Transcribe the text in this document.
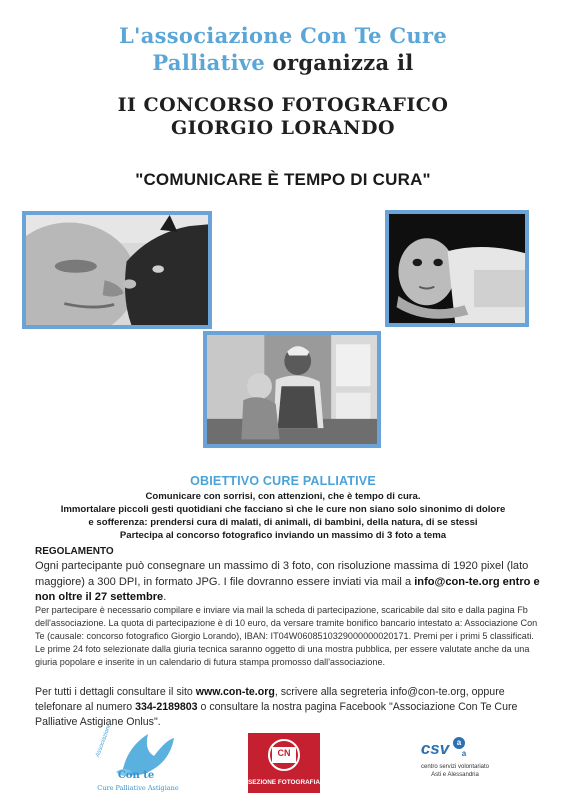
L'associazione Con Te Cure
Palliative organizza il
II CONCORSO FOTOGRAFICO
GIORGIO LORANDO
"COMUNICARE È TEMPO DI CURA"
OBIETTIVO CURE PALLIATIVE
Comunicare con sorrisi, con attenzioni, che è tempo di cura.
Immortalare piccoli gesti quotidiani che facciano sì che le cure non siano solo sinonimo di dolore
e sofferenza: prendersi cura di malati, di animali, di bambini, della natura, di se stessi
Partecipa al concorso fotografico inviando un massimo di 3 foto a tema
REGOLAMENTO
Ogni partecipante può consegnare un massimo di 3 foto, con risoluzione massima di 1920 pixel (lato maggiore) a 300 DPI, in formato JPG. I file dovranno essere inviati via mail a info@con-te.org entro e non oltre il 27 settembre.
Per partecipare è necessario compilare e inviare via mail la scheda di partecipazione, scaricabile dal sito e dalla pagina Fb dell'associazione. La quota di partecipazione è di 10 euro, da versare tramite bonifico bancario intestato a: Associazione Con Te (causale: concorso fotografico Giorgio Lorando), IBAN: IT04W0608510329000000020171. Premi per i primi 5 classificati. Le prime 24 foto selezionate dalla giuria tecnica saranno oggetto di una mostra pubblica, per essere valutate anche da una giuria popolare e inserite in un calendario di futura stampa promosso dall'associazione.
Per tutti i dettagli consultare il sito www.con-te.org, scrivere alla segreteria info@con-te.org, oppure telefonare al numero 334-2189803 o consultare la nostra pagina Facebook "Associazione Con Te Cure Palliative Astigiane Onlus".
Associazione
Con te
Cure Palliative Astigiane
CN
SEZIONE FOTOGRAFIA
csv a
a
centro servizi volontariato
Asti e Alessandria
